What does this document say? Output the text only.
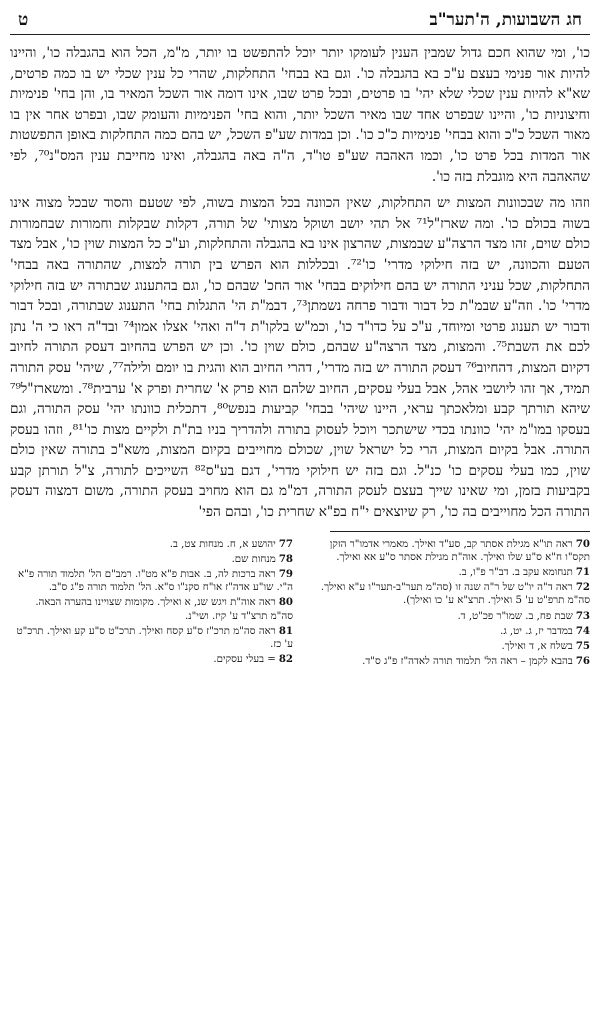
חג השבועות, ה'תער"ב
ט

כו', ומי שהוא חכם גדול שמבין הענין לעומקו יותר יוכל להתפשט בו יותר, מ"מ, הכל הוא בהגבלה כו', והיינו להיות אור פנימי בעצם ע"כ בא בהגבלה כו'. וגם בא בבחי' התחלקות, שהרי כל ענין שכלי יש בו כמה פרטים, שא"א להיות ענין שכלי שלא יהי' בו פרטים, ובכל פרט שבו, אינו דומה אור השכל המאיר בו, והן בחי' פנימיות וחיצוניות כו', והיינו שבפרט אחד שבו מאיר השכל יותר, והוא בחי' הפנימיות והעומק שבו, ובפרט אחר אין בו מאור השכל כ"כ והוא בבחי' פנימיות כ"כ כו'. וכן במדות שע"פ השכל, יש בהם כמה התחלקות באופן התפשטות אור המדות בכל פרט כו', וכמו האהבה שע"פ טו"ד, ה"ה באה בהגבלה, ואינו מחייבת ענין המס"נ⁷⁰, לפי שהאהבה היא מוגבלת בזה כו'.

וזהו מה שבכוונות המצות יש התחלקות, שאין הכוונה בכל המצות בשוה, לפי שטעם והסוד שבכל מצוה אינו בשוה בכולם כו'. ומה שארז"ל⁷¹ אל תהי יושב ושוקל מצותי' של תורה, דקלות שבקלות וחמורות שבחמורות כולם שוים, זהו מצד הרצה"ע שבמצות, שהרצון אינו בא בהגבלה והתחלקות, וע"כ כל המצות שוין כו', אבל מצד הטעם והכוונה, יש בזה חילוקי מדרי' כו'⁷². ובכללות הוא הפרש בין תורה למצות, שהתורה באה בבחי' התחלקות, שכל עניני התורה יש בהם חילוקים בבחי' אור החכ' שבהם כו', וגם בהתענוג שבתורה יש בזה חילוקי מדרי' כו'. וזה"ע שבמ"ת כל דבור ודבור פרחה נשמתן⁷³, דבמ"ת הי' התגלות בחי' התענוג שבתורה, ובכל דבור ודבור יש תענוג פרטי ומיוחד, ע"כ על כדו"ד כו', וכמ"ש בלקו"ת ד"ה ואהי' אצלו אמון⁷⁴ ובד"ה ראו כי ה' נתן לכם את השבת⁷⁵. והמצות, מצד הרצה"ע שבהם, כולם שוין כו'. וכן יש הפרש בהחיוב דעסק התורה לחיוב דקיום המצות, דהחיוב⁷⁶ דעסק התורה יש בזה מדרי', דהרי החיוב הוא והגית בו יומם ולילה⁷⁷, שיהי' עסק התורה תמיד, אך זהו ליושבי אהל, אבל בעלי עסקים, החיוב שלהם הוא פרק א' שחרית ופרק א' ערבית⁷⁸. ומשארז"ל⁷⁹ שיהא תורתך קבע ומלאכתך עראי, היינו שיהי' בבחי' קביעות בנפש⁸⁰, דתכלית כוונתו יהי' עסק התורה, וגם בעסקו במו"מ יהי' כוונתו בכדי שישתכר ויוכל לעסוק בתורה ולהדריך בניו בת"ת ולקיים מצות כו'⁸¹, וזהו בעסק התורה. אבל בקיום המצות, הרי כל ישראל שוין, שכולם מחוייבים בקיום המצות, משא"כ בתורה שאין כולם שוין, כמו בעלי עסקים כו' כנ"ל. וגם בזה יש חילוקי מדרי', דגם בע"ס⁸² השייכים לתורה, צ"ל תורתן קבע בקביעות בזמן, ומי שאינו שייך בעצם לעסק התורה, דמ"מ גם הוא מחויב בעסק התורה, משום דמצוה דעסק התורה הכל מחוייבים בה כו', רק שיוצאים י"ח בפ"א שחרית כו', ובהם הפי'

70ראה תו"א מגילת אסתר קב, סע"ד ואילך. מאמרי אדמו"ר הזקן תקס"ו ח"א ס"ע שלו ואילך. אוה"ת מגילת אסתר ס"ע אא ואילך.

71תנחומא עקב ב. דב"ר פ"ו, ב.

72ראה ד"ה יו"ט של ר"ה שנה זו (סה"מ תער"ב-תער"ו ע"א ואילך. סה"מ תרפ"ט ע' 5 ואילך. תרצ"א ע' כו ואילך).

73שבת פח, ב. שמו"ר פכ"ט, ד.

74במדבר יז, ג. יט, ג.

75בשלח א, ד ואילך.

76בהבא לקמן – ראה הל' תלמוד תורה לאדה"ז פ"ג ס"ד.

77יהושע א, ח. מנחות צט, ב.

78מנחות שם.

79ראה ברכות לה, ב. אבות פ"א מט"ו. רמב"ם הל' תלמוד תורה פ"א ה"י. שו"ע אדה"ז או"ח סקנ"ו ס"א. הל' תלמוד תורה פ"ג ס"ב.

80ראה אוה"ת ויגש שנ, א ואילך. מקומות שצויינו בהערה הבאה. סה"מ תרצ"ד ע' קיז. ושי"נ.

81ראה סה"מ תרכ"ז ס"ע קסח ואילך. תרכ"ט ס"ע קע ואילך. תרכ"ט ע' כז.

82= בעלי עסקים.
